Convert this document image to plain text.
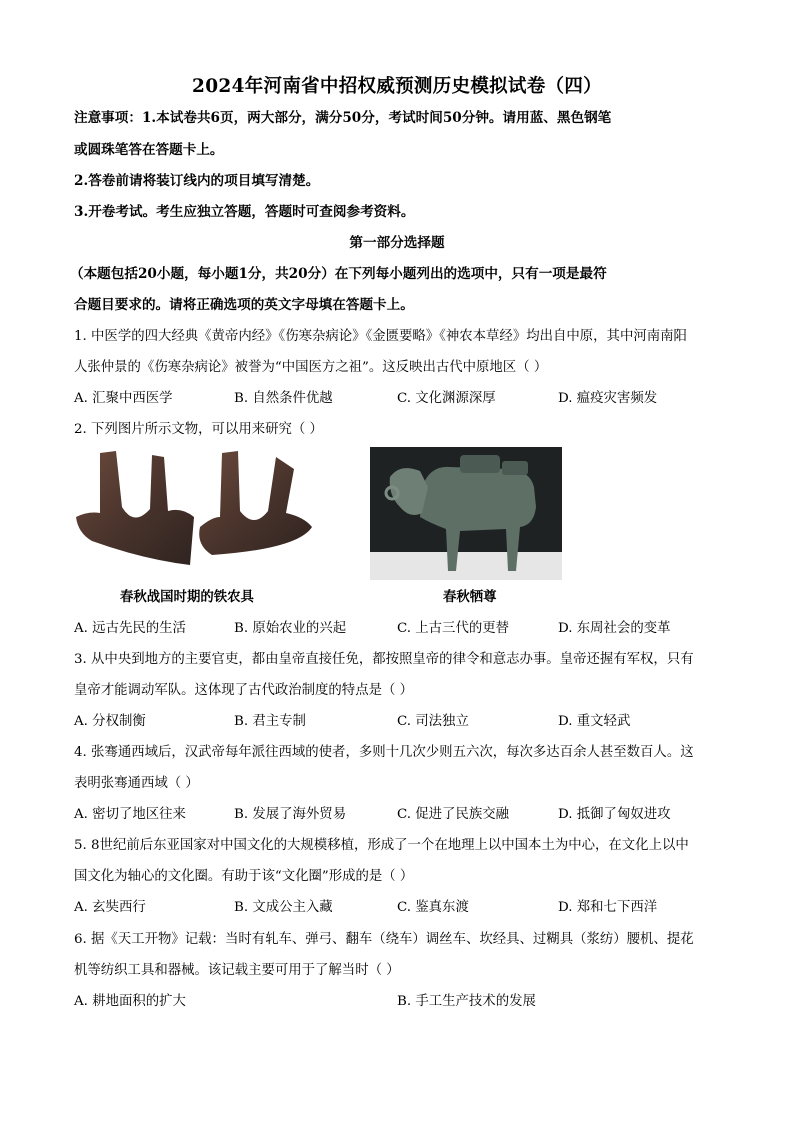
2024年河南省中招权威预测历史模拟试卷（四）
注意事项：1.本试卷共6页，两大部分，满分50分，考试时间50分钟。请用蓝、黑色钢笔
或圆珠笔答在答题卡上。
2.答卷前请将装订线内的项目填写清楚。
3.开卷考试。考生应独立答题，答题时可查阅参考资料。
第一部分选择题
（本题包括20小题，每小题1分，共20分）在下列每小题列出的选项中，只有一项是最符
合题目要求的。请将正确选项的英文字母填在答题卡上。
1. 中医学的四大经典《黄帝内经》《伤寒杂病论》《金匮要略》《神农本草经》均出自中原，其中河南南阳
人张仲景的《伤寒杂病论》被誉为“中国医方之祖”。这反映出古代中原地区（ ）
A. 汇聚中西医学	B. 自然条件优越	C. 文化渊源深厚	D. 瘟疫灾害频发
2. 下列图片所示文物，可以用来研究（ ）
春秋战国时期的铁农具	春秋牺尊
A. 远古先民的生活	B. 原始农业的兴起	C. 上古三代的更替	D. 东周社会的变革
3. 从中央到地方的主要官吏，都由皇帝直接任免，都按照皇帝的律令和意志办事。皇帝还握有军权，只有
皇帝才能调动军队。这体现了古代政治制度的特点是（ ）
A. 分权制衡	B. 君主专制	C. 司法独立	D. 重文轻武
4. 张骞通西域后，汉武帝每年派往西域的使者，多则十几次少则五六次，每次多达百余人甚至数百人。这
表明张骞通西域（ ）
A. 密切了地区往来	B. 发展了海外贸易	C. 促进了民族交融	D. 抵御了匈奴进攻
5. 8世纪前后东亚国家对中国文化的大规模移植，形成了一个在地理上以中国本土为中心，在文化上以中
国文化为轴心的文化圈。有助于该“文化圈”形成的是（ ）
A. 玄奘西行	B. 文成公主入藏	C. 鉴真东渡	D. 郑和七下西洋
6. 据《天工开物》记载：当时有轧车、弹弓、翻车（绕车）调丝车、坎经具、过糊具（浆纺）腰机、提花
机等纺织工具和器械。该记载主要可用于了解当时（ ）
A. 耕地面积的扩大	B. 手工生产技术的发展
